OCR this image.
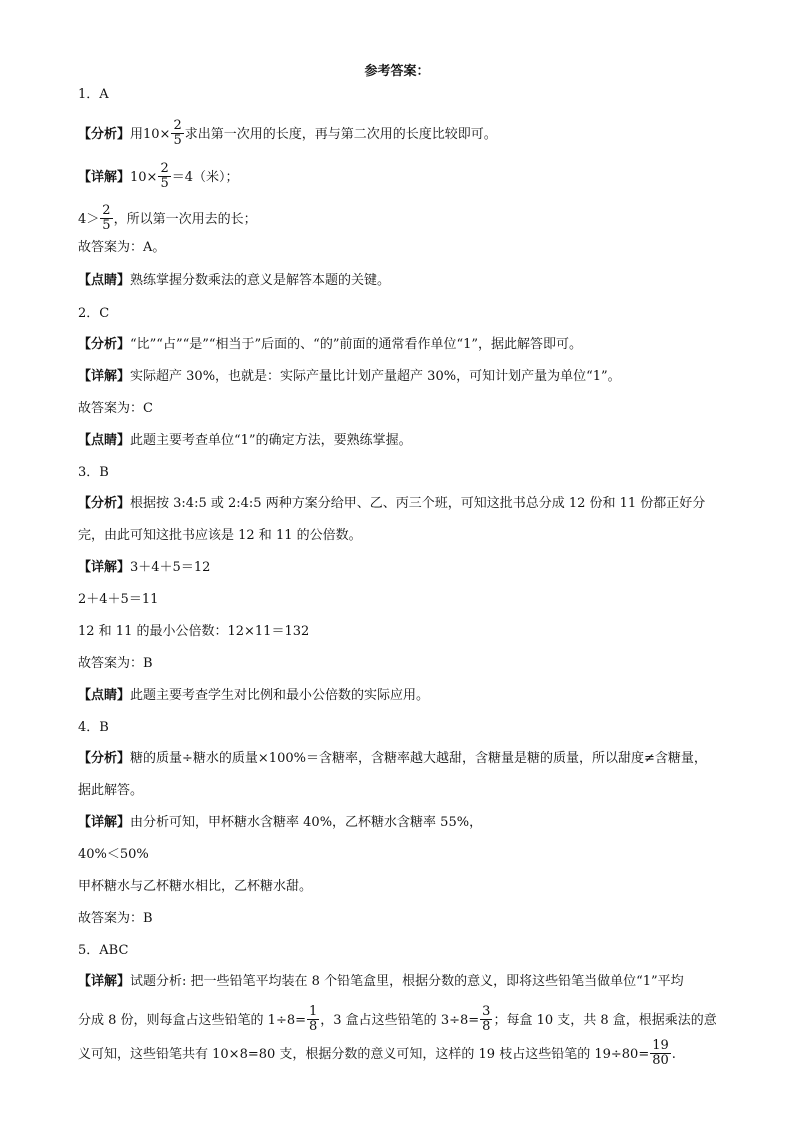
参考答案：
1．A
【分析】用$10\times \frac{2}{5}$ 求出第一次用的长度，再与第二次用的长度比较即可。
【详解】$10\times \frac{2}{5} =4$（米）；
$4> \frac{2}{5}$ ，所以第一次用去的长；
故答案为：A。
【点睛】熟练掌握分数乘法的意义是解答本题的关键。
2．C
【分析】“比”“占”“是”“相当于”后面的、“的”前面的通常看作单位“1”，据此解答即可。
【详解】实际超产 30%，也就是：实际产量比计划产量超产 30%，可知计划产量为单位“1”。
故答案为：C
【点睛】此题主要考查单位“1”的确定方法，要熟练掌握。
3．B
【分析】根据按 3:4:5 或 2:4:5 两种方案分给甲、乙、丙三个班，可知这批书总分成 12 份和 11 份都正好分
完，由此可知这批书应该是 12 和 11 的公倍数。
【详解】3＋4＋5＝12
2＋4＋5＝11
12 和 11 的最小公倍数：12×11＝132
故答案为：B
【点睛】此题主要考查学生对比例和最小公倍数的实际应用。
4．B
【分析】糖的质量÷糖水的质量×100%＝含糖率，含糖率越大越甜，含糖量是糖的质量，所以甜度≠含糖量，
据此解答。
【详解】由分析可知，甲杯糖水含糖率 40%，乙杯糖水含糖率 55%，
40%＜50%
甲杯糖水与乙杯糖水相比，乙杯糖水甜。
故答案为：B
5．ABC
【详解】试题分析: 把一些铅笔平均装在 8 个铅笔盒里，根据分数的意义，即将这些铅笔当做单位“1”平均
分成 8 份，则每盒占这些铅笔的 $1\div 8= \frac{1}{8}$ ，3 盒占这些铅笔的 $3\div 8= \frac{3}{8}$ ；每盒 10 支，共 8 盒，根据乘法的意
义可知，这些铅笔共有 10×8=80 支，根据分数的意义可知，这样的 19 枝占这些铅笔的 $19\div 80= \frac{19}{80}$ .
